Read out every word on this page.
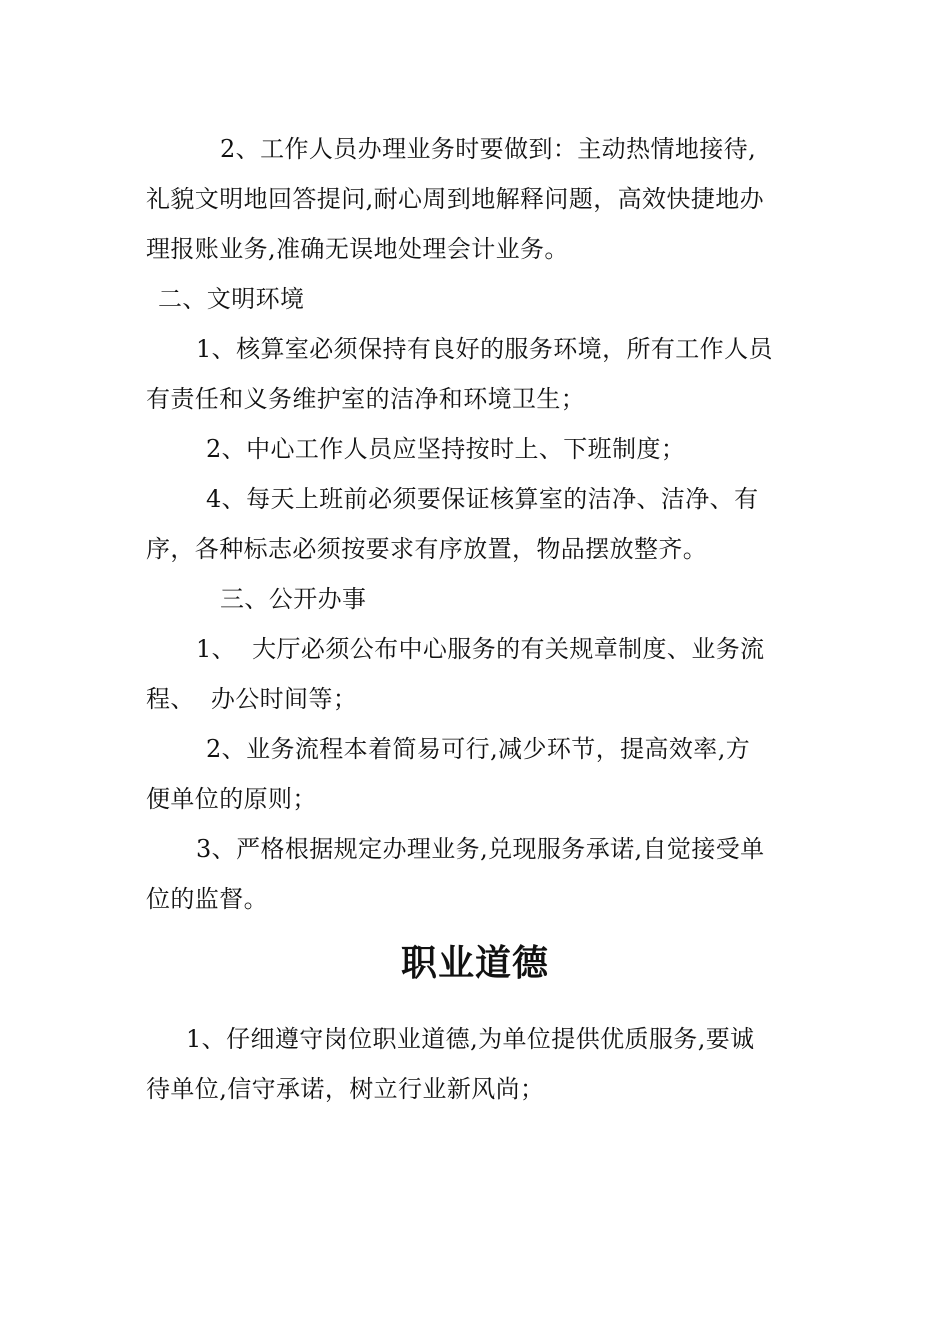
2、工作人员办理业务时要做到：主动热情地接待,
礼貌文明地回答提问,耐心周到地解释问题，高效快捷地办
理报账业务,准确无误地处理会计业务。
二、文明环境
1、核算室必须保持有良好的服务环境，所有工作人员
有责任和义务维护室的洁净和环境卫生；
2、中心工作人员应坚持按时上、下班制度；
4、每天上班前必须要保证核算室的洁净、洁净、有
序，各种标志必须按要求有序放置，物品摆放整齐。
三、公开办事
1、  大厅必须公布中心服务的有关规章制度、业务流
程、  办公时间等；
2、业务流程本着简易可行,减少环节，提高效率,方
便单位的原则；
3、严格根据规定办理业务,兑现服务承诺,自觉接受单
位的监督。
职业道德
1、仔细遵守岗位职业道德,为单位提供优质服务,要诚
待单位,信守承诺，树立行业新风尚；
